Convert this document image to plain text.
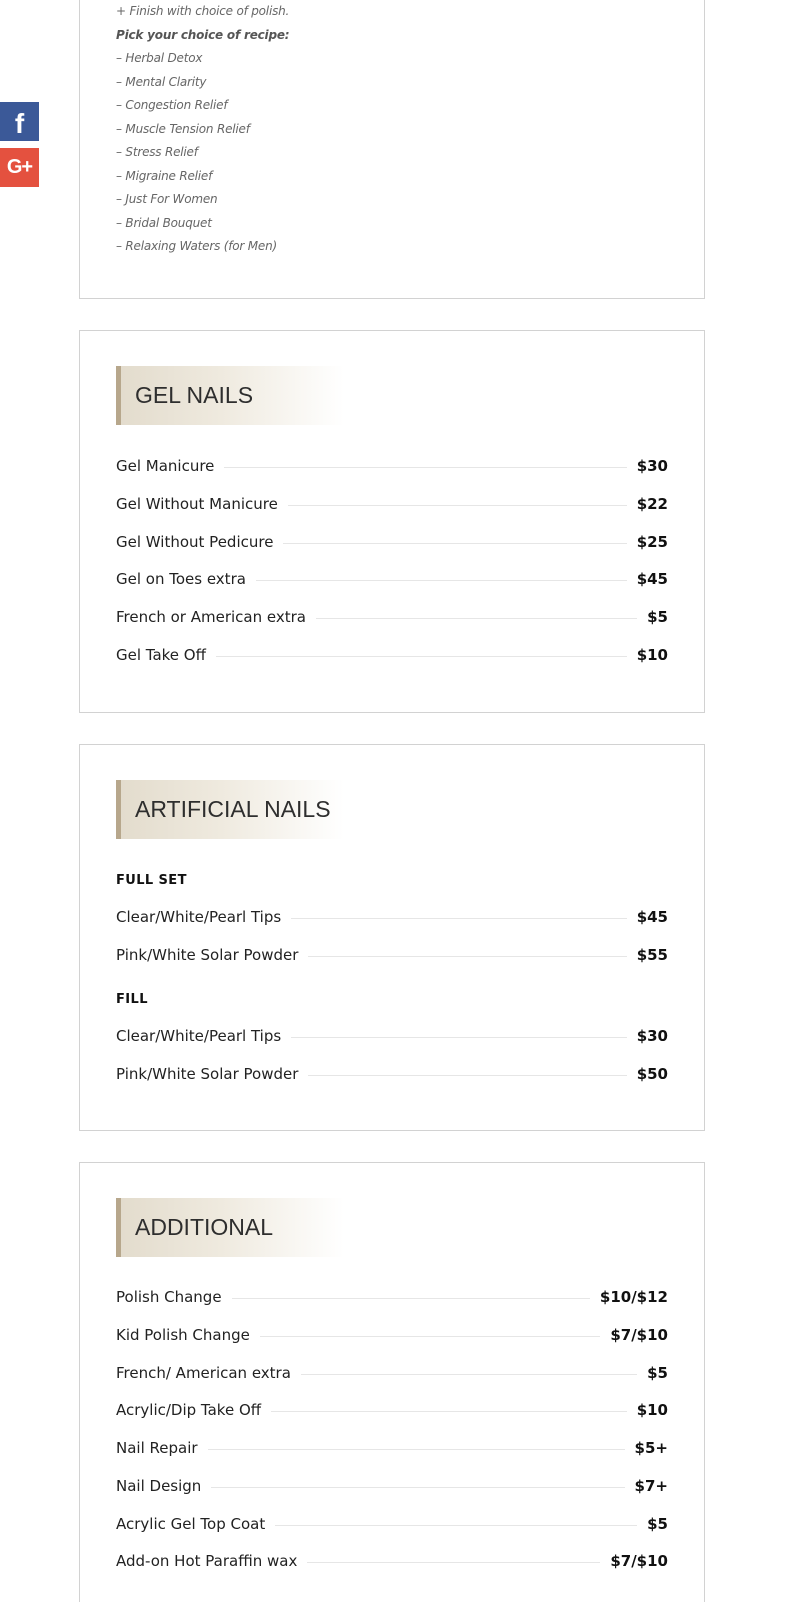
f
G+
+ Finish with choice of polish.
Pick your choice of recipe:
– Herbal Detox
– Mental Clarity
– Congestion Relief
– Muscle Tension Relief
– Stress Relief
– Migraine Relief
– Just For Women
– Bridal Bouquet
– Relaxing Waters (for Men)
GEL NAILS
Gel Manicure	$30
Gel Without Manicure	$22
Gel Without Pedicure	$25
Gel on Toes extra	$45
French or American extra	$5
Gel Take Off	$10
ARTIFICIAL NAILS
FULL SET
Clear/White/Pearl Tips	$45
Pink/White Solar Powder	$55
FILL
Clear/White/Pearl Tips	$30
Pink/White Solar Powder	$50
ADDITIONAL
Polish Change	$10/$12
Kid Polish Change	$7/$10
French/ American extra	$5
Acrylic/Dip Take Off	$10
Nail Repair	$5+
Nail Design	$7+
Acrylic Gel Top Coat	$5
Add-on Hot Paraffin wax	$7/$10
